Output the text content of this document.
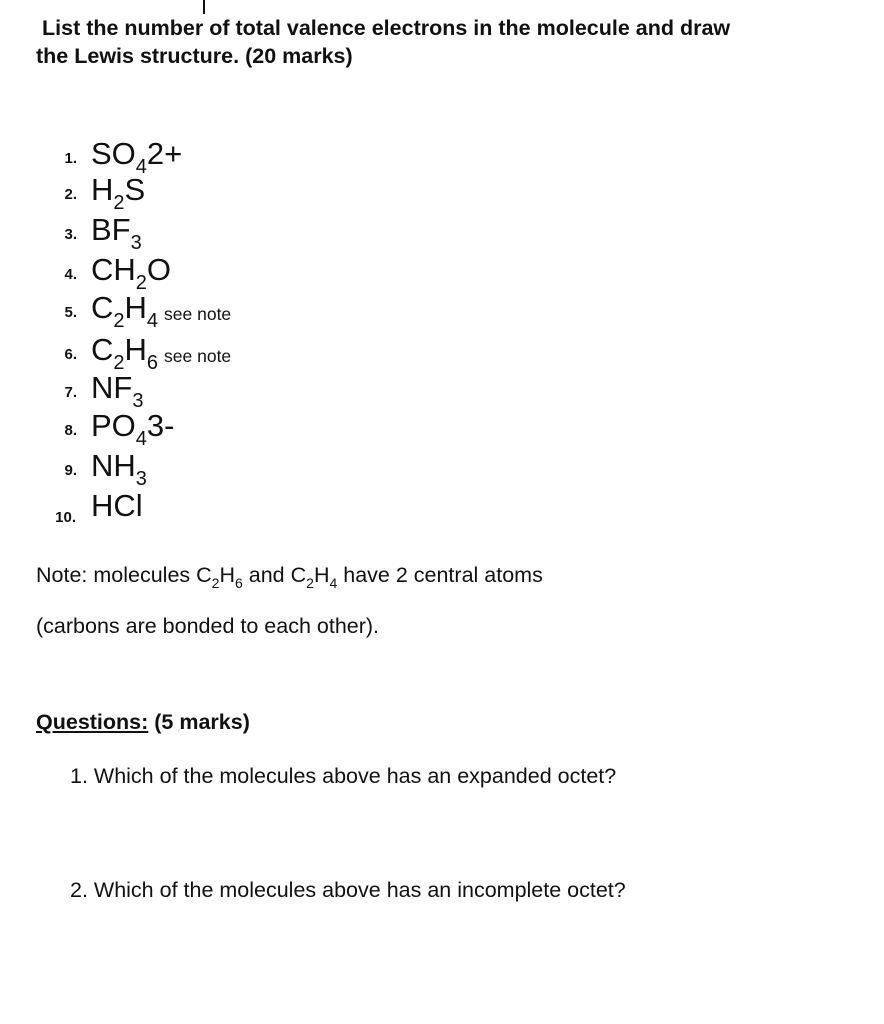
List the number of total valence electrons in the molecule and draw
the Lewis structure. (20 marks)

1. $SO_42+$
2. $H_2S$
3. $BF_3$
4. $CH_2O$
5. $C_2H_4$ see note
6. $C_2H_6$ see note
7. $NF_3$
8. $PO_43-$
9. $NH_3$
10. HCl

Note: molecules $C_2H_6$ and $C_2H_4$ have 2 central atoms

(carbons are bonded to each other).

Questions: (5 marks)

1. Which of the molecules above has an expanded octet?

2. Which of the molecules above has an incomplete octet?
